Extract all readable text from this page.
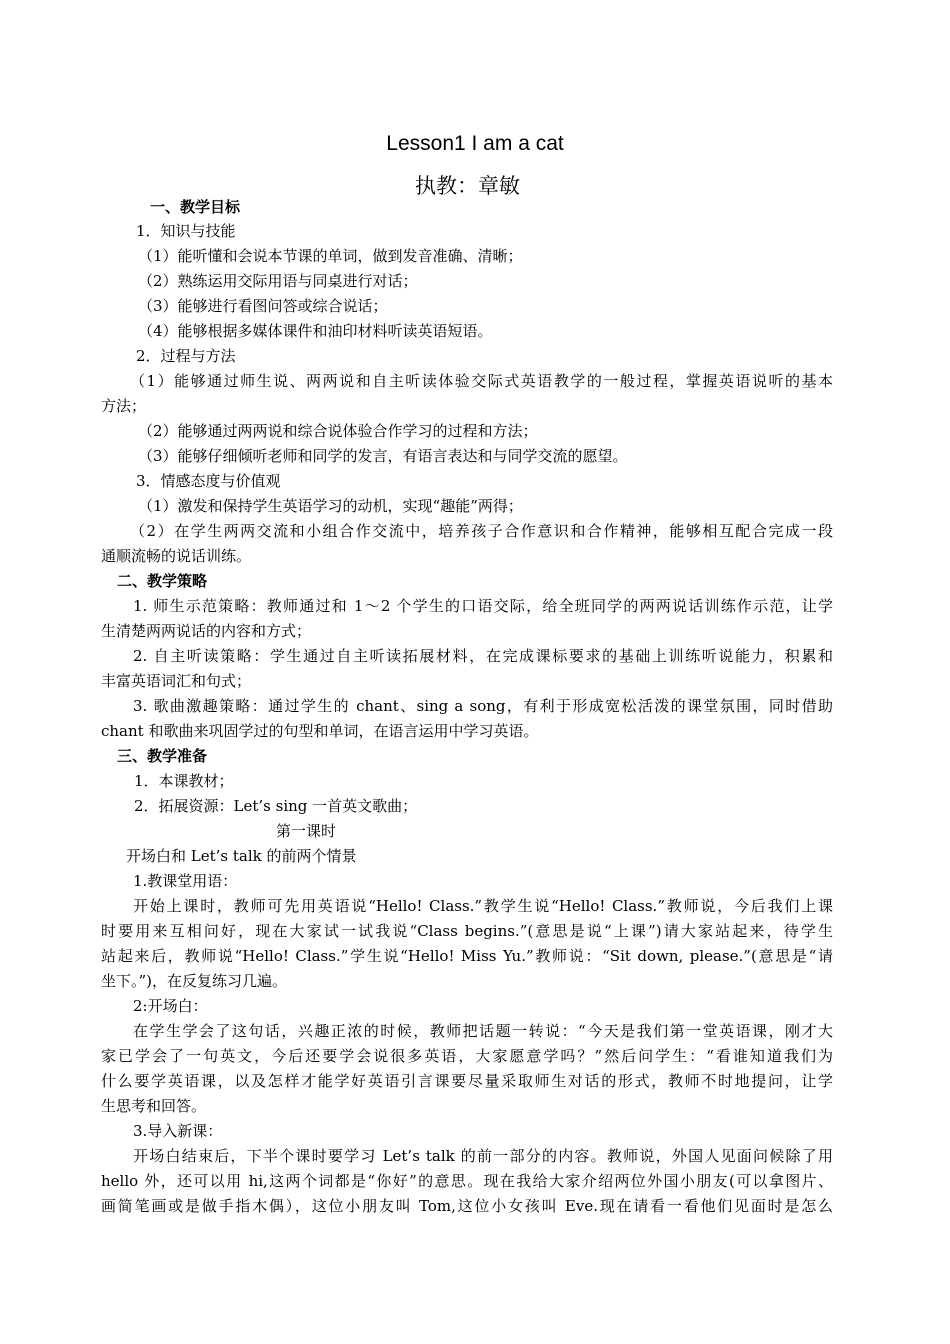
Lesson1 I am a cat
执教：章敏
一、教学目标
1．知识与技能
（1）能听懂和会说本节课的单词，做到发音准确、清晰；
（2）熟练运用交际用语与同桌进行对话；
（3）能够进行看图问答或综合说话；
（4）能够根据多媒体课件和油印材料听读英语短语。
2．过程与方法
（1）能够通过师生说、两两说和自主听读体验交际式英语教学的一般过程，掌握英语说听的基本
方法；
（2）能够通过两两说和综合说体验合作学习的过程和方法；
（3）能够仔细倾听老师和同学的发言，有语言表达和与同学交流的愿望。
3．情感态度与价值观
（1）激发和保持学生英语学习的动机，实现“趣能”两得；
（2）在学生两两交流和小组合作交流中，培养孩子合作意识和合作精神，能够相互配合完成一段
通顺流畅的说话训练。
二、教学策略
1. 师生示范策略：教师通过和 1～2 个学生的口语交际，给全班同学的两两说话训练作示范，让学
生清楚两两说话的内容和方式；
2. 自主听读策略：学生通过自主听读拓展材料，在完成课标要求的基础上训练听说能力，积累和
丰富英语词汇和句式；
3. 歌曲激趣策略：通过学生的 chant、sing a song，有利于形成宽松活泼的课堂氛围，同时借助
chant 和歌曲来巩固学过的句型和单词，在语言运用中学习英语。
三、教学准备
1．本课教材；
2．拓展资源：Let’s sing 一首英文歌曲；
第一课时
开场白和 Let’s talk 的前两个情景
1.教课堂用语：
开始上课时，教师可先用英语说“Hello! Class.”教学生说“Hello! Class.”教师说，今后我们上课
时要用来互相问好，现在大家试一试我说“Class begins.”(意思是说“上课”)请大家站起来，待学生
站起来后，教师说“Hello! Class.”学生说“Hello! Miss Yu.”教师说：“Sit down, please.”(意思是“请
坐下。”)，在反复练习几遍。
2:开场白：
在学生学会了这句话，兴趣正浓的时候，教师把话题一转说：“今天是我们第一堂英语课，刚才大
家已学会了一句英文，今后还要学会说很多英语，大家愿意学吗？”然后问学生：“看谁知道我们为
什么要学英语课，以及怎样才能学好英语引言课要尽量采取师生对话的形式，教师不时地提问，让学
生思考和回答。
3.导入新课：
开场白结束后，下半个课时要学习 Let’s talk 的前一部分的内容。教师说，外国人见面问候除了用
hello 外，还可以用 hi,这两个词都是“你好”的意思。现在我给大家介绍两位外国小朋友(可以拿图片、
画简笔画或是做手指木偶），这位小朋友叫 Tom,这位小女孩叫 Eve.现在请看一看他们见面时是怎么
